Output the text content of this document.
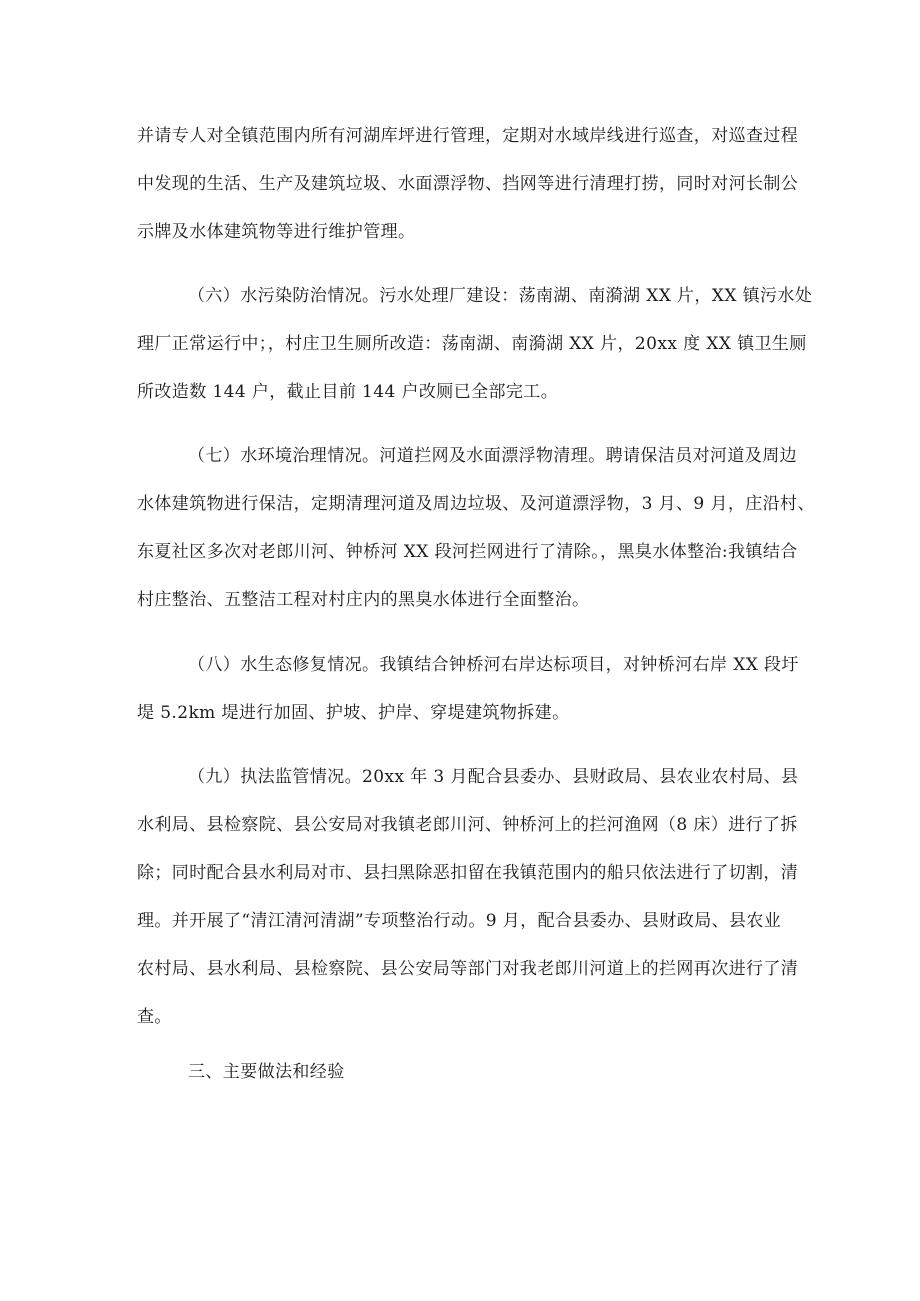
并请专人对全镇范围内所有河湖库坪进行管理，定期对水域岸线进行巡查，对巡查过程
中发现的生活、生产及建筑垃圾、水面漂浮物、挡网等进行清理打捞，同时对河长制公
示牌及水体建筑物等进行维护管理。
（六）水污染防治情况。污水处理厂建设：荡南湖、南漪湖 XX 片，XX 镇污水处
理厂正常运行中；，村庄卫生厕所改造：荡南湖、南漪湖 XX 片，20xx 度 XX 镇卫生厕
所改造数 144 户，截止目前 144 户改厕已全部完工。
（七）水环境治理情况。河道拦网及水面漂浮物清理。聘请保洁员对河道及周边
水体建筑物进行保洁，定期清理河道及周边垃圾、及河道漂浮物，3 月、9 月，庄沿村、
东夏社区多次对老郎川河、钟桥河 XX 段河拦网进行了清除。，黑臭水体整治:我镇结合
村庄整治、五整洁工程对村庄内的黑臭水体进行全面整治。
（八）水生态修复情况。我镇结合钟桥河右岸达标项目，对钟桥河右岸 XX 段圩
堤 5.2km 堤进行加固、护坡、护岸、穿堤建筑物拆建。
（九）执法监管情况。20xx 年 3 月配合县委办、县财政局、县农业农村局、县
水利局、县检察院、县公安局对我镇老郎川河、钟桥河上的拦河渔网（8 床）进行了拆
除；同时配合县水利局对市、县扫黑除恶扣留在我镇范围内的船只依法进行了切割，清
理。并开展了“清江清河清湖”专项整治行动。9 月，配合县委办、县财政局、县农业
农村局、县水利局、县检察院、县公安局等部门对我老郎川河道上的拦网再次进行了清
查。
三、主要做法和经验
